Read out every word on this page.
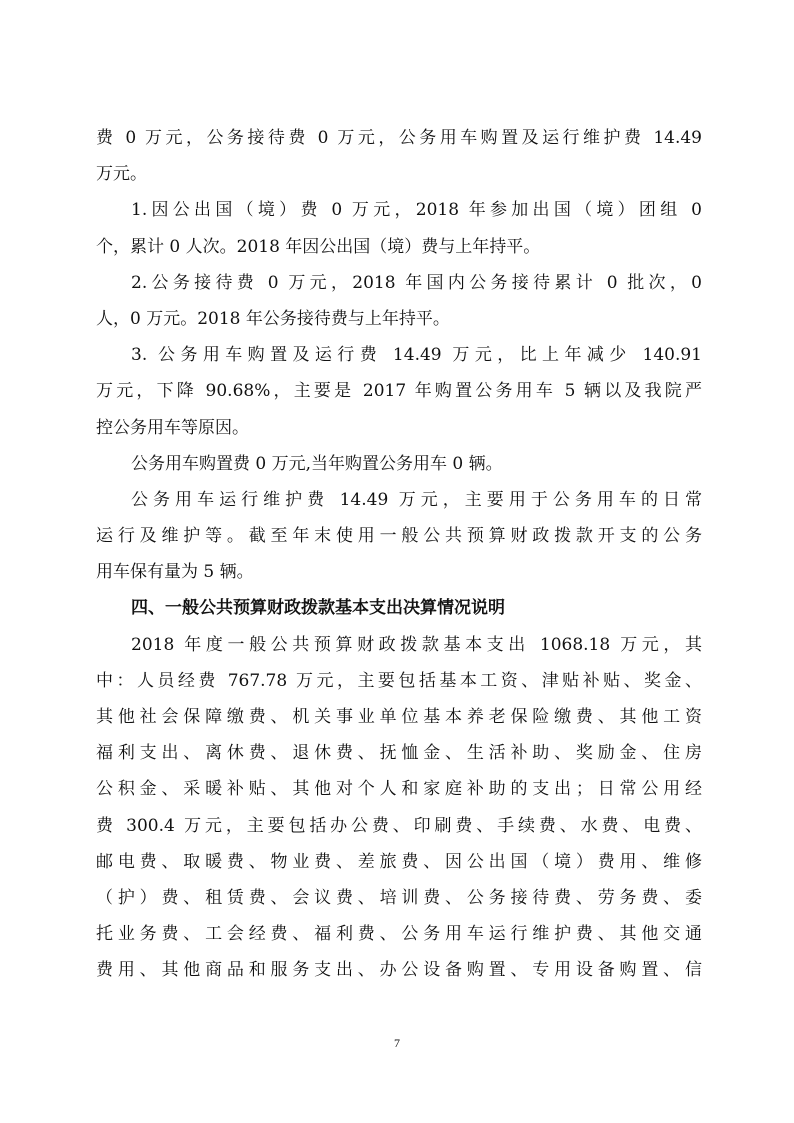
费 0 万元，公务接待费 0 万元，公务用车购置及运行维护费 14.49
万元。
1.因公出国（境）费 0 万元，2018 年参加出国（境）团组 0
个，累计 0 人次。2018 年因公出国（境）费与上年持平。
2.公务接待费 0 万元，2018 年国内公务接待累计 0 批次，0
人，0 万元。2018 年公务接待费与上年持平。
3. 公务用车购置及运行费 14.49 万元，比上年减少 140.91
万元，下降 90.68%，主要是 2017 年购置公务用车 5 辆以及我院严
控公务用车等原因。
公务用车购置费 0 万元,当年购置公务用车 0 辆。
公务用车运行维护费 14.49 万元，主要用于公务用车的日常
运行及维护等。截至年末使用一般公共预算财政拨款开支的公务
用车保有量为 5 辆。
四、一般公共预算财政拨款基本支出决算情况说明
2018 年度一般公共预算财政拨款基本支出 1068.18 万元，其
中：人员经费 767.78 万元，主要包括基本工资、津贴补贴、奖金、
其他社会保障缴费、机关事业单位基本养老保险缴费、其他工资
福利支出、离休费、退休费、抚恤金、生活补助、奖励金、住房
公积金、采暖补贴、其他对个人和家庭补助的支出；日常公用经
费 300.4 万元，主要包括办公费、印刷费、手续费、水费、电费、
邮电费、取暖费、物业费、差旅费、因公出国（境）费用、维修
（护）费、租赁费、会议费、培训费、公务接待费、劳务费、委
托业务费、工会经费、福利费、公务用车运行维护费、其他交通
费用、其他商品和服务支出、办公设备购置、专用设备购置、信
7
